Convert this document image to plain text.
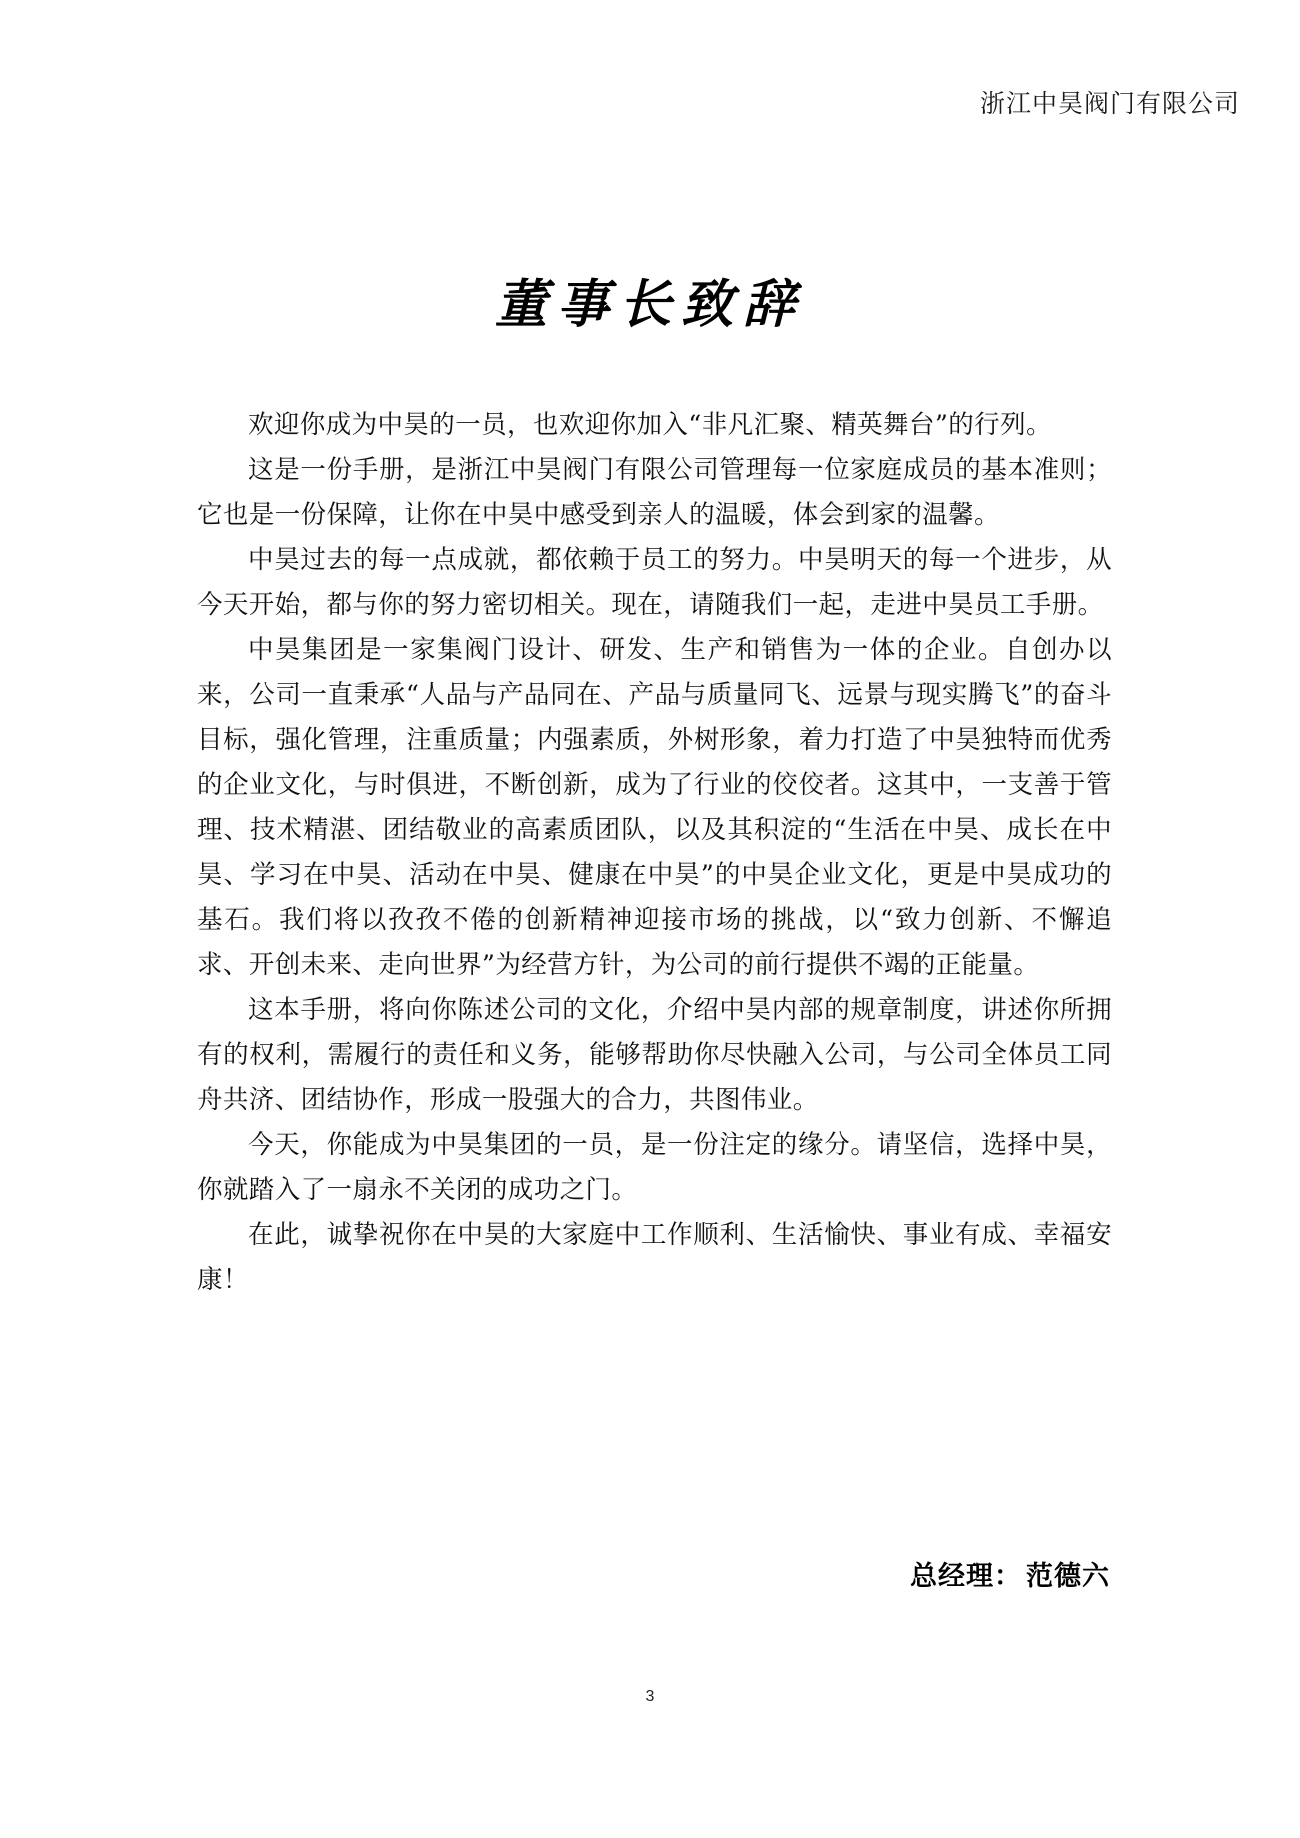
浙江中昊阀门有限公司
董事长致辞

欢迎你成为中昊的一员，也欢迎你加入“非凡汇聚、精英舞台”的行列。

这是一份手册，是浙江中昊阀门有限公司管理每一位家庭成员的基本准则；它也是一份保障，让你在中昊中感受到亲人的温暖，体会到家的温馨。

中昊过去的每一点成就，都依赖于员工的努力。中昊明天的每一个进步，从今天开始，都与你的努力密切相关。现在，请随我们一起，走进中昊员工手册。

中昊集团是一家集阀门设计、研发、生产和销售为一体的企业。自创办以来，公司一直秉承“人品与产品同在、产品与质量同飞、远景与现实腾飞”的奋斗目标，强化管理，注重质量；内强素质，外树形象，着力打造了中昊独特而优秀的企业文化，与时俱进，不断创新，成为了行业的佼佼者。这其中，一支善于管理、技术精湛、团结敬业的高素质团队，以及其积淀的“生活在中昊、成长在中昊、学习在中昊、活动在中昊、健康在中昊”的中昊企业文化，更是中昊成功的基石。我们将以孜孜不倦的创新精神迎接市场的挑战，以“致力创新、不懈追求、开创未来、走向世界”为经营方针，为公司的前行提供不竭的正能量。

这本手册，将向你陈述公司的文化，介绍中昊内部的规章制度，讲述你所拥有的权利，需履行的责任和义务，能够帮助你尽快融入公司，与公司全体员工同舟共济、团结协作，形成一股强大的合力，共图伟业。

今天，你能成为中昊集团的一员，是一份注定的缘分。请坚信，选择中昊，你就踏入了一扇永不关闭的成功之门。

在此，诚挚祝你在中昊的大家庭中工作顺利、生活愉快、事业有成、幸福安康！

总经理： 范德六
3
